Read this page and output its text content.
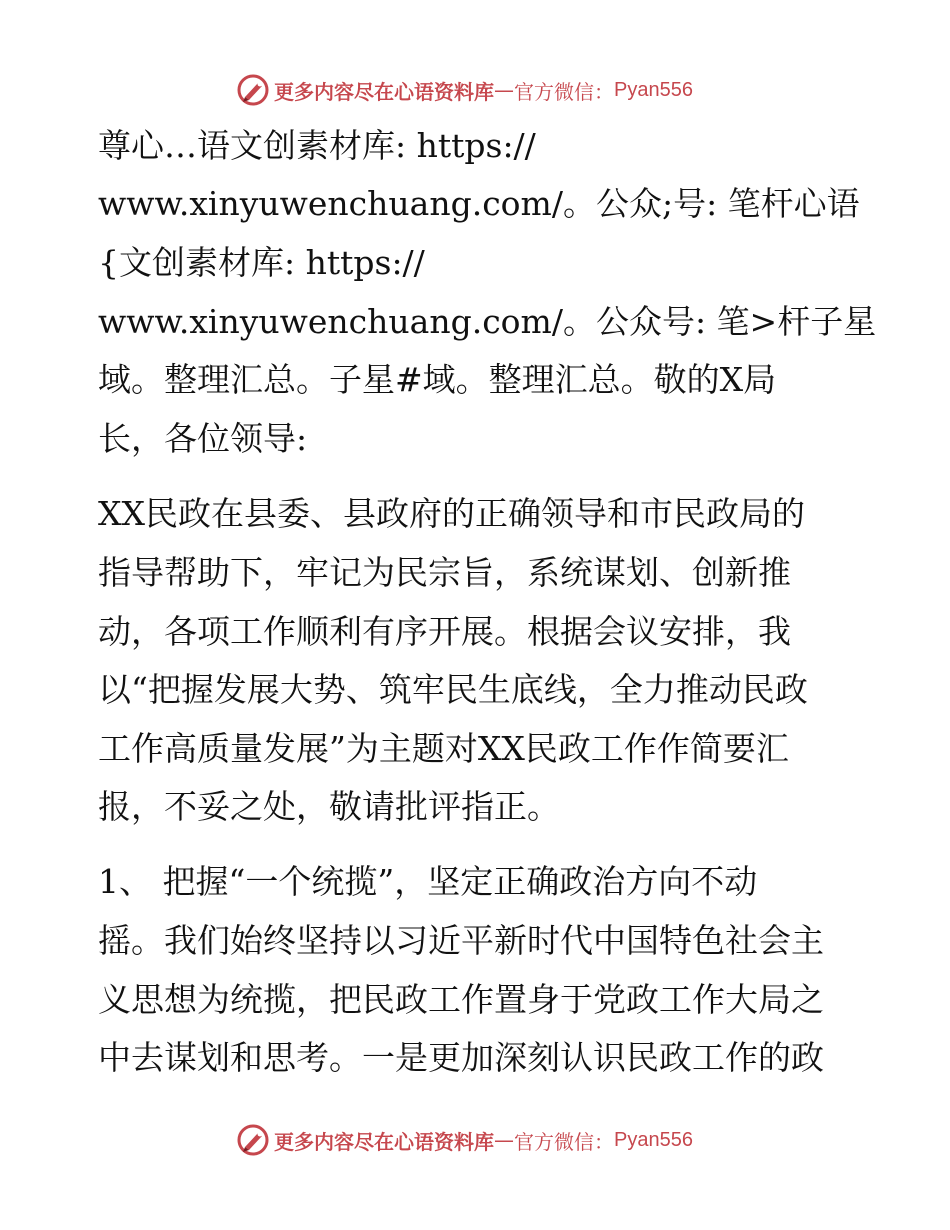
更多内容尽在心语资料库 — 官方微信： Pyan556
尊心…语文创素材库: https://
www.xinyuwenchuang.com/。公众;号: 笔杆心语
{文创素材库: https://
www.xinyuwenchuang.com/。公众号: 笔>杆子星
域。整理汇总。子星#域。整理汇总。敬的X局
长，各位领导:
XX民政在县委、县政府的正确领导和市民政局的
指导帮助下，牢记为民宗旨，系统谋划、创新推
动，各项工作顺利有序开展。根据会议安排，我
以“把握发展大势、筑牢民生底线，全力推动民政
工作高质量发展”为主题对XX民政工作作简要汇
报，不妥之处，敬请批评指正。
1、 把握“一个统揽”，坚定正确政治方向不动
摇。我们始终坚持以习近平新时代中国特色社会主
义思想为统揽，把民政工作置身于党政工作大局之
中去谋划和思考。一是更加深刻认识民政工作的政
更多内容尽在心语资料库 — 官方微信： Pyan556
